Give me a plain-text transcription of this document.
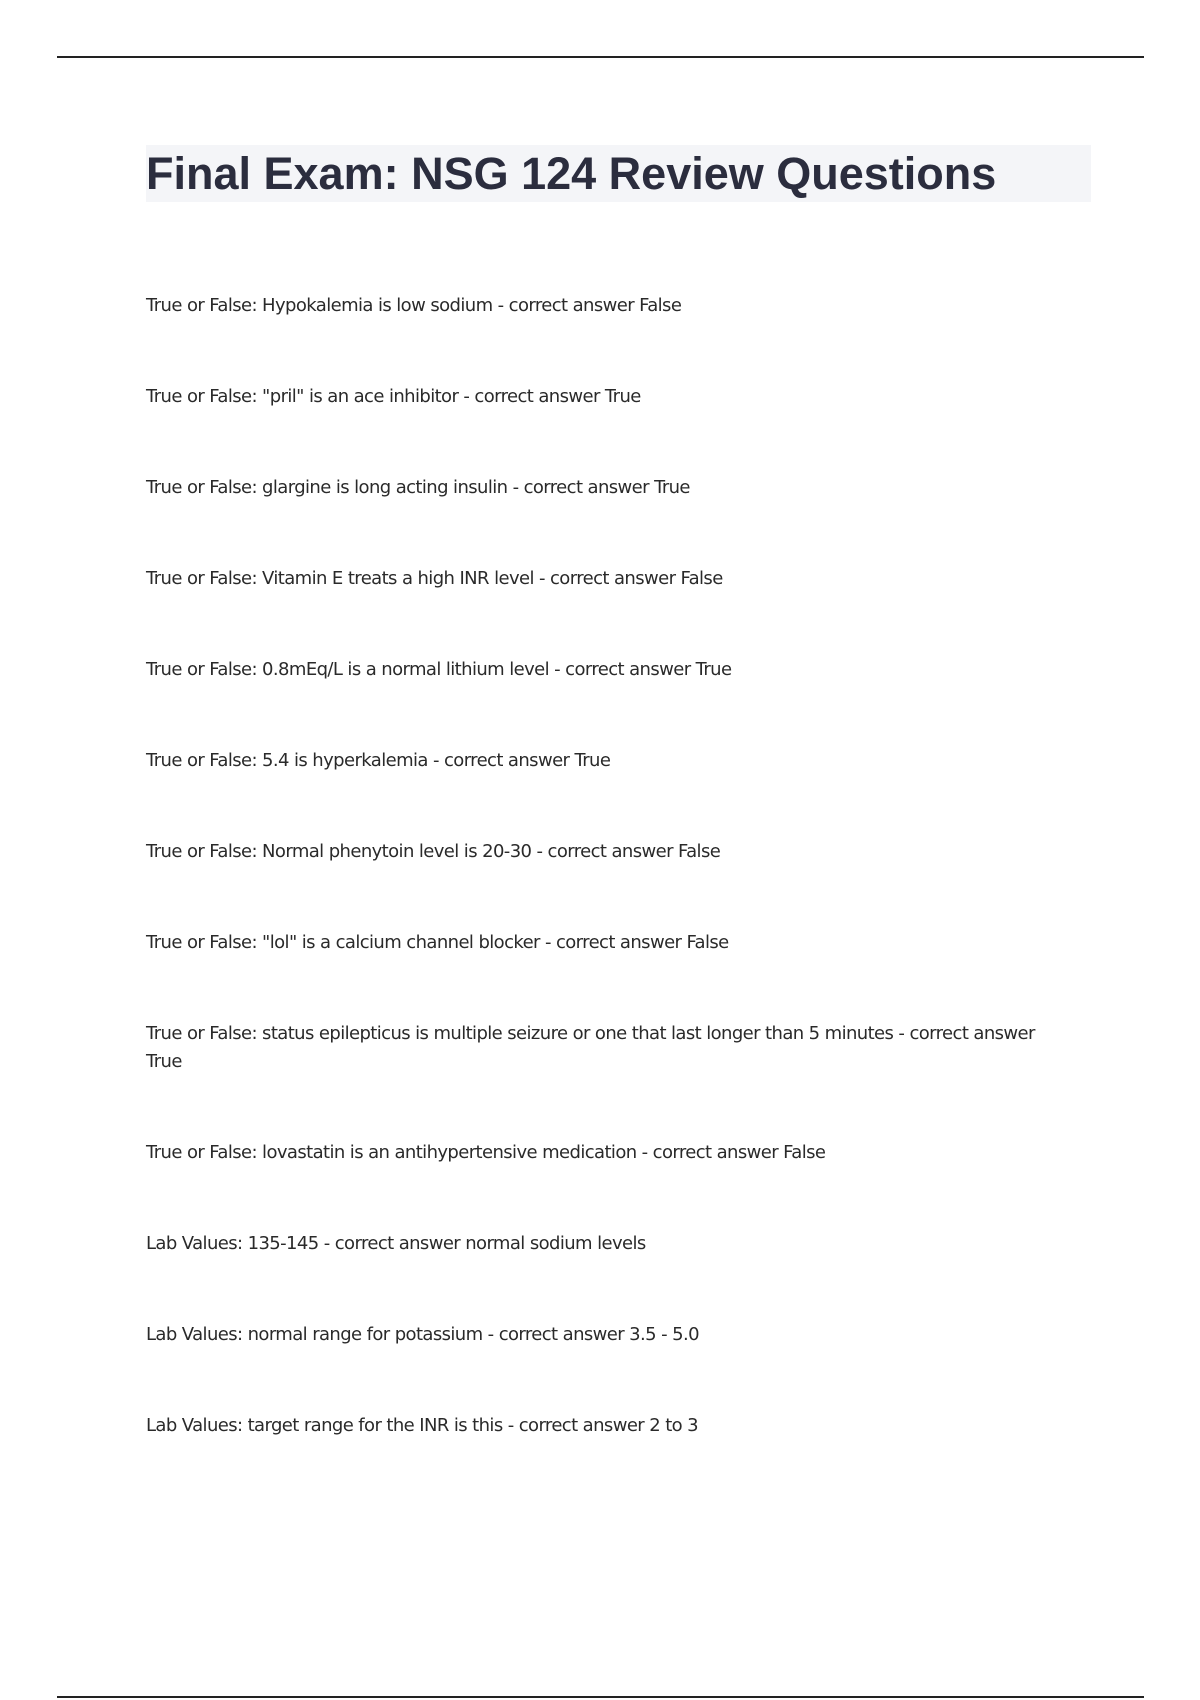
Final Exam: NSG 124 Review Questions

True or False: Hypokalemia is low sodium - correct answer False

True or False: "pril" is an ace inhibitor - correct answer True

True or False: glargine is long acting insulin - correct answer True

True or False: Vitamin E treats a high INR level - correct answer False

True or False: 0.8mEq/L is a normal lithium level - correct answer True

True or False: 5.4 is hyperkalemia - correct answer True

True or False: Normal phenytoin level is 20-30 - correct answer False

True or False: "lol" is a calcium channel blocker - correct answer False

True or False: status epilepticus is multiple seizure or one that last longer than 5 minutes - correct answer True

True or False: lovastatin is an antihypertensive medication - correct answer False

Lab Values: 135-145 - correct answer normal sodium levels

Lab Values: normal range for potassium - correct answer 3.5 - 5.0

Lab Values: target range for the INR is this - correct answer 2 to 3
